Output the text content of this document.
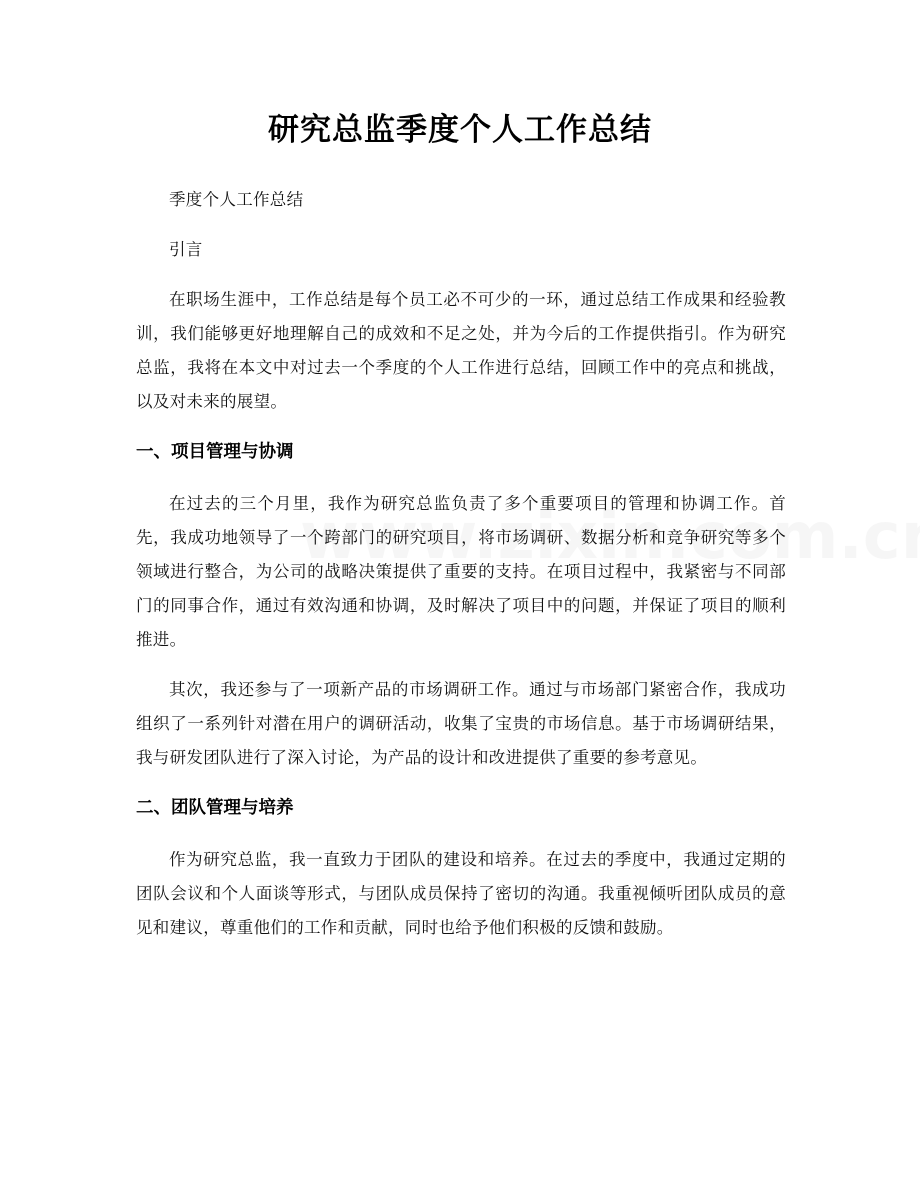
研究总监季度个人工作总结

季度个人工作总结

引言

在职场生涯中，工作总结是每个员工必不可少的一环，通过总结工作成果和经验教训，我们能够更好地理解自己的成效和不足之处，并为今后的工作提供指引。作为研究总监，我将在本文中对过去一个季度的个人工作进行总结，回顾工作中的亮点和挑战，以及对未来的展望。

一、项目管理与协调

在过去的三个月里，我作为研究总监负责了多个重要项目的管理和协调工作。首先，我成功地领导了一个跨部门的研究项目，将市场调研、数据分析和竞争研究等多个领域进行整合，为公司的战略决策提供了重要的支持。在项目过程中，我紧密与不同部门的同事合作，通过有效沟通和协调，及时解决了项目中的问题，并保证了项目的顺利推进。

其次，我还参与了一项新产品的市场调研工作。通过与市场部门紧密合作，我成功组织了一系列针对潜在用户的调研活动，收集了宝贵的市场信息。基于市场调研结果，我与研发团队进行了深入讨论，为产品的设计和改进提供了重要的参考意见。

二、团队管理与培养

作为研究总监，我一直致力于团队的建设和培养。在过去的季度中，我通过定期的团队会议和个人面谈等形式，与团队成员保持了密切的沟通。我重视倾听团队成员的意见和建议，尊重他们的工作和贡献，同时也给予他们积极的反馈和鼓励。
